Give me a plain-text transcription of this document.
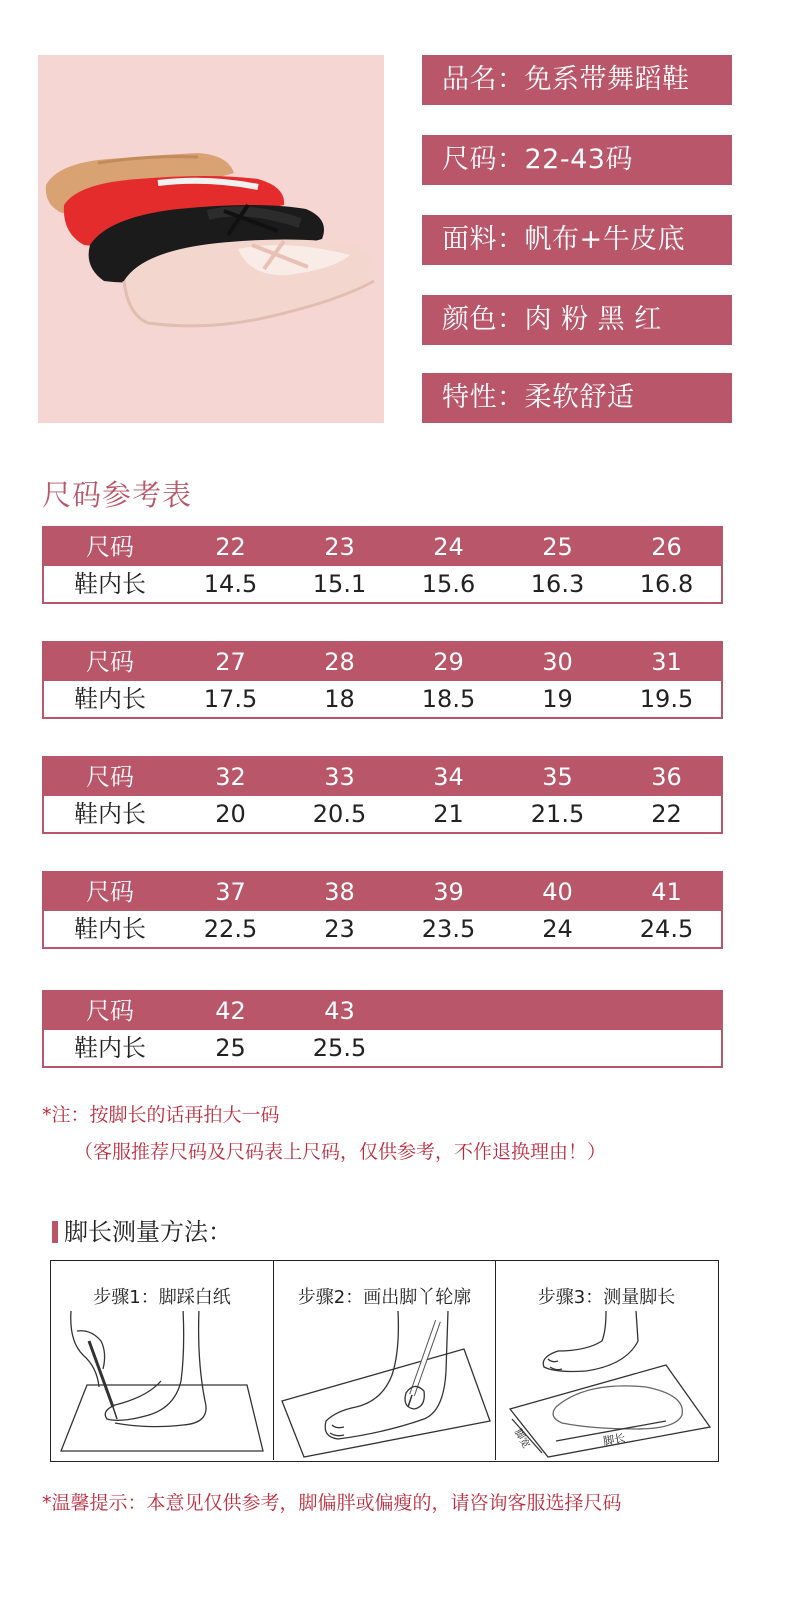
品名：免系带舞蹈鞋
尺码：22-43码
面料：帆布+牛皮底
颜色：肉 粉 黑 红
特性：柔软舒适
尺码参考表
尺码	22	23	24	25	26
鞋内长	14.5	15.1	15.6	16.3	16.8
尺码	27	28	29	30	31
鞋内长	17.5	18	18.5	19	19.5
尺码	32	33	34	35	36
鞋内长	20	20.5	21	21.5	22
尺码	37	38	39	40	41
鞋内长	22.5	23	23.5	24	24.5
尺码	42	43
鞋内长	25	25.5
*注：按脚长的话再拍大一码
（客服推荐尺码及尺码表上尺码，仅供参考，不作退换理由！）
脚长测量方法：
步骤1：脚踩白纸	步骤2：画出脚丫轮廓	步骤3：测量脚长
脚宽	脚长
*温馨提示：本意见仅供参考，脚偏胖或偏瘦的，请咨询客服选择尺码
